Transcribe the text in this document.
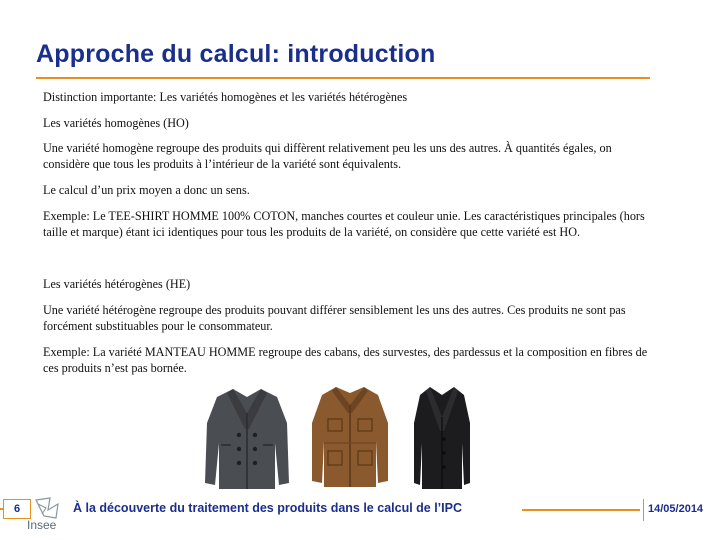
Approche du calcul: introduction
Distinction importante: Les variétés homogènes et les variétés hétérogènes
Les variétés homogènes (HO)
Une variété homogène regroupe des produits qui diffèrent relativement peu les uns des autres. À quantités égales, on considère que tous les produits à l’intérieur de la variété sont équivalents.
Le calcul d’un prix moyen a donc un sens.
Exemple: Le TEE-SHIRT HOMME 100% COTON, manches courtes et couleur unie. Les caractéristiques principales (hors taille et marque) étant ici identiques pour tous les produits de la variété, on considère que cette variété est HO.
Les variétés hétérogènes (HE)
Une variété hétérogène regroupe des produits pouvant différer sensiblement les uns des autres. Ces produits ne sont pas forcément substituables pour le consommateur.
Exemple: La variété MANTEAU HOMME regroupe des cabans, des survestes, des pardessus et la composition en fibres de ces produits n’est pas bornée.
6
Insee
À la découverte du traitement des produits dans le calcul de l’IPC	14/05/2014
